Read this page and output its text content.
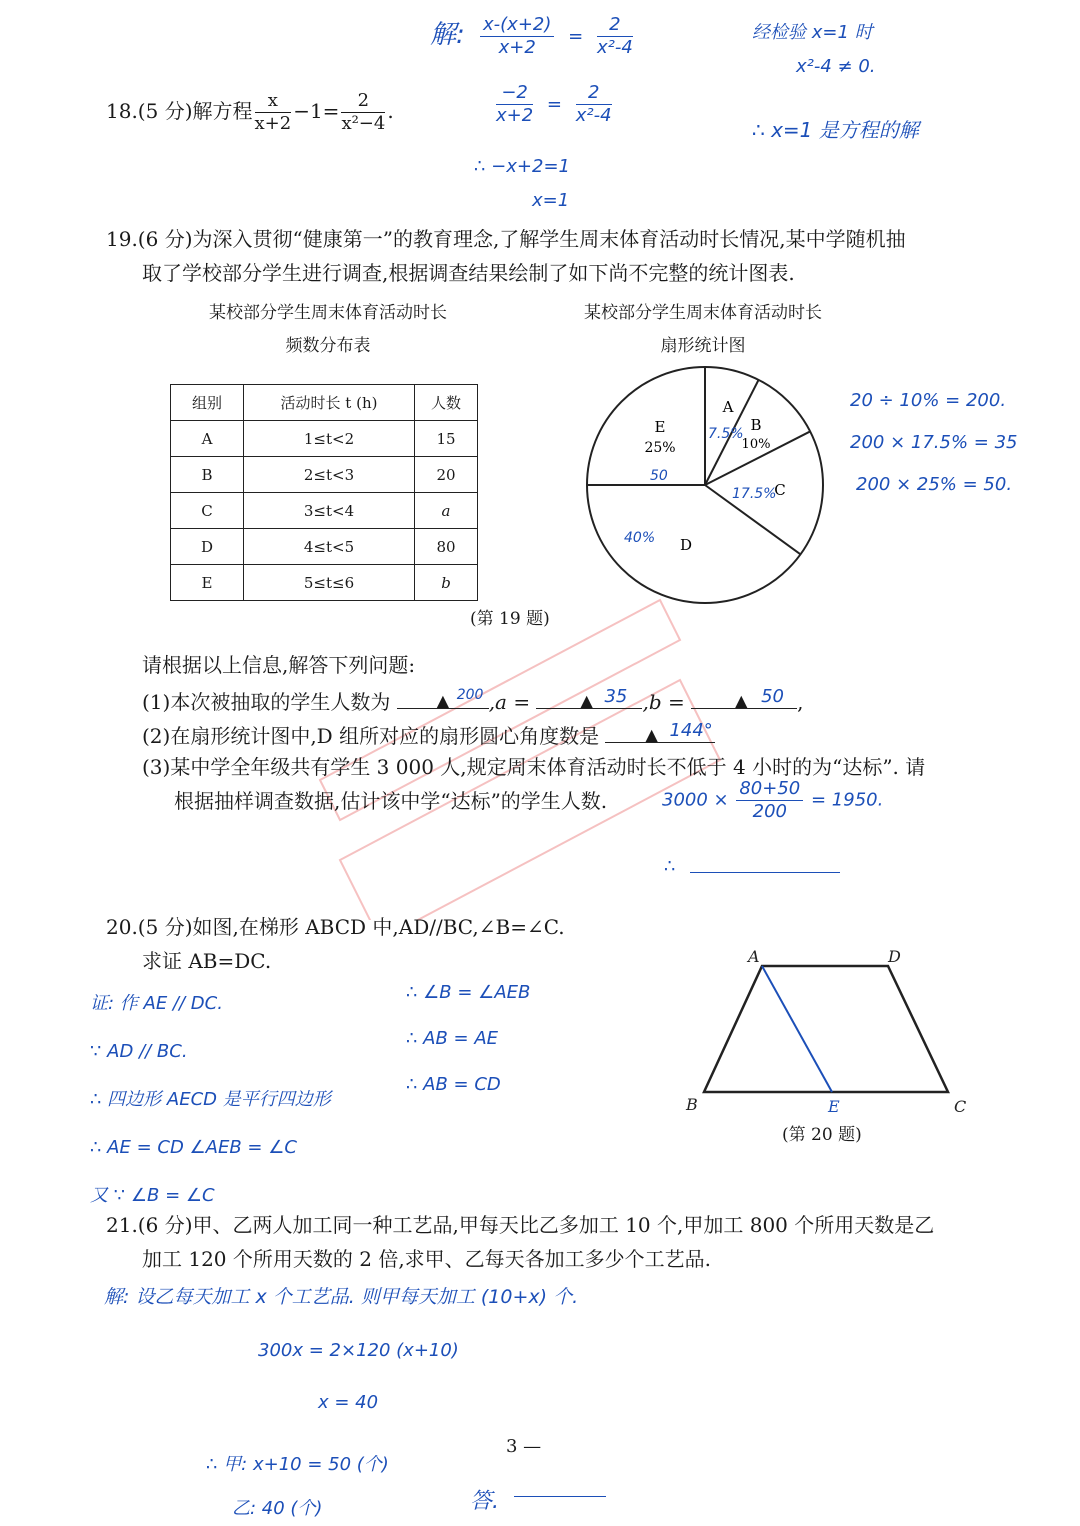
解: $\frac{x-(x+2)}{x+2} = \frac{2}{\text{x²-4}}$	经检验 x=1 时
x²-4 ≠ 0.
18.(5 分)解方程 $\frac{x}{x+2} -1= \frac{2}{\text{x²−4}}$ .	$\frac{-2}{x+2} = \frac{2}{\text{x²-4}}$
∴ x=1 是方程的解
∴ −x+2=1
x=1
19.(6 分)为深入贯彻“健康第一”的教育理念,了解学生周末体育活动时长情况,某中学随机抽
取了学校部分学生进行调查,根据调查结果绘制了如下尚不完整的统计图表.
某校部分学生周末体育活动时长
频数分布表
某校部分学生周末体育活动时长
扇形统计图
组别	活动时长 t (h)	人数
A	1≤t<2	15
B	2≤t<3	20
C	3≤t<4	a
D	4≤t<5	80
E	5≤t≤6	b
E
25%
A
B
10%
C
D
7.5%
17.5%
40%
50
20 ÷ 10% = 200.
200 × 17.5% = 35
200 × 25% = 50.
(第 19 题)
请根据以上信息,解答下列问题:
(1)本次被抽取的学生人数为	▲ 200 ,a =	▲ 35 ,b =	▲ 50 ,
(2)在扇形统计图中,D 组所对应的扇形圆心角度数是	▲ 144°
(3)某中学全年级共有学生 3 000 人,规定周末体育活动时长不低于 4 小时的为“达标”. 请
根据抽样调查数据,估计该中学“达标”的学生人数.	$3000 \times \frac{80+50}{200} = 1950$.
∴
20.(5 分)如图,在梯形 ABCD 中,AD//BC,∠B=∠C.
求证 AB=DC.
证: 作 AE // DC.
∵ AD // BC.
∴ 四边形 AECD 是平行四边形
∴ AE = CD ∠AEB = ∠C
又 ∵ ∠B = ∠C
∴ ∠B = ∠AEB
∴ AB = AE
∴ AB = CD
A	D
B	C
E
(第 20 题)
21.(6 分)甲、乙两人加工同一种工艺品,甲每天比乙多加工 10 个,甲加工 800 个所用天数是乙
加工 120 个所用天数的 2 倍,求甲、乙每天各加工多少个工艺品.
解: 设乙每天加工 x 个工艺品. 则甲每天加工 (10+x) 个.
300x = 2×120 (x+10)
x = 40
∴ 甲: x+10 = 50 (个)
乙: 40 (个)	答.
3 —
